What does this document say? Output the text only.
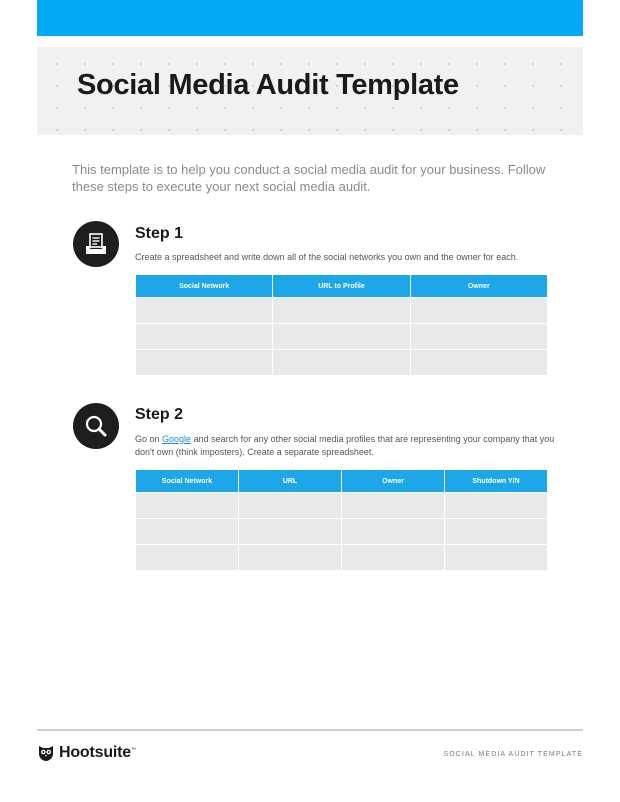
Social Media Audit Template

This template is to help you conduct a social media audit for your business. Follow these steps to execute your next social media audit.

Step 1

Create a spreadsheet and write down all of the social networks you own and the owner for each.

Social Network	URL to Profile	Owner

Step 2

Go on Google and search for any other social media profiles that are representing your company that you don't own (think imposters). Create a separate spreadsheet.

Social Network	URL	Owner	Shutdown Y/N

Hootsuite ™
SOCIAL MEDIA AUDIT TEMPLATE
